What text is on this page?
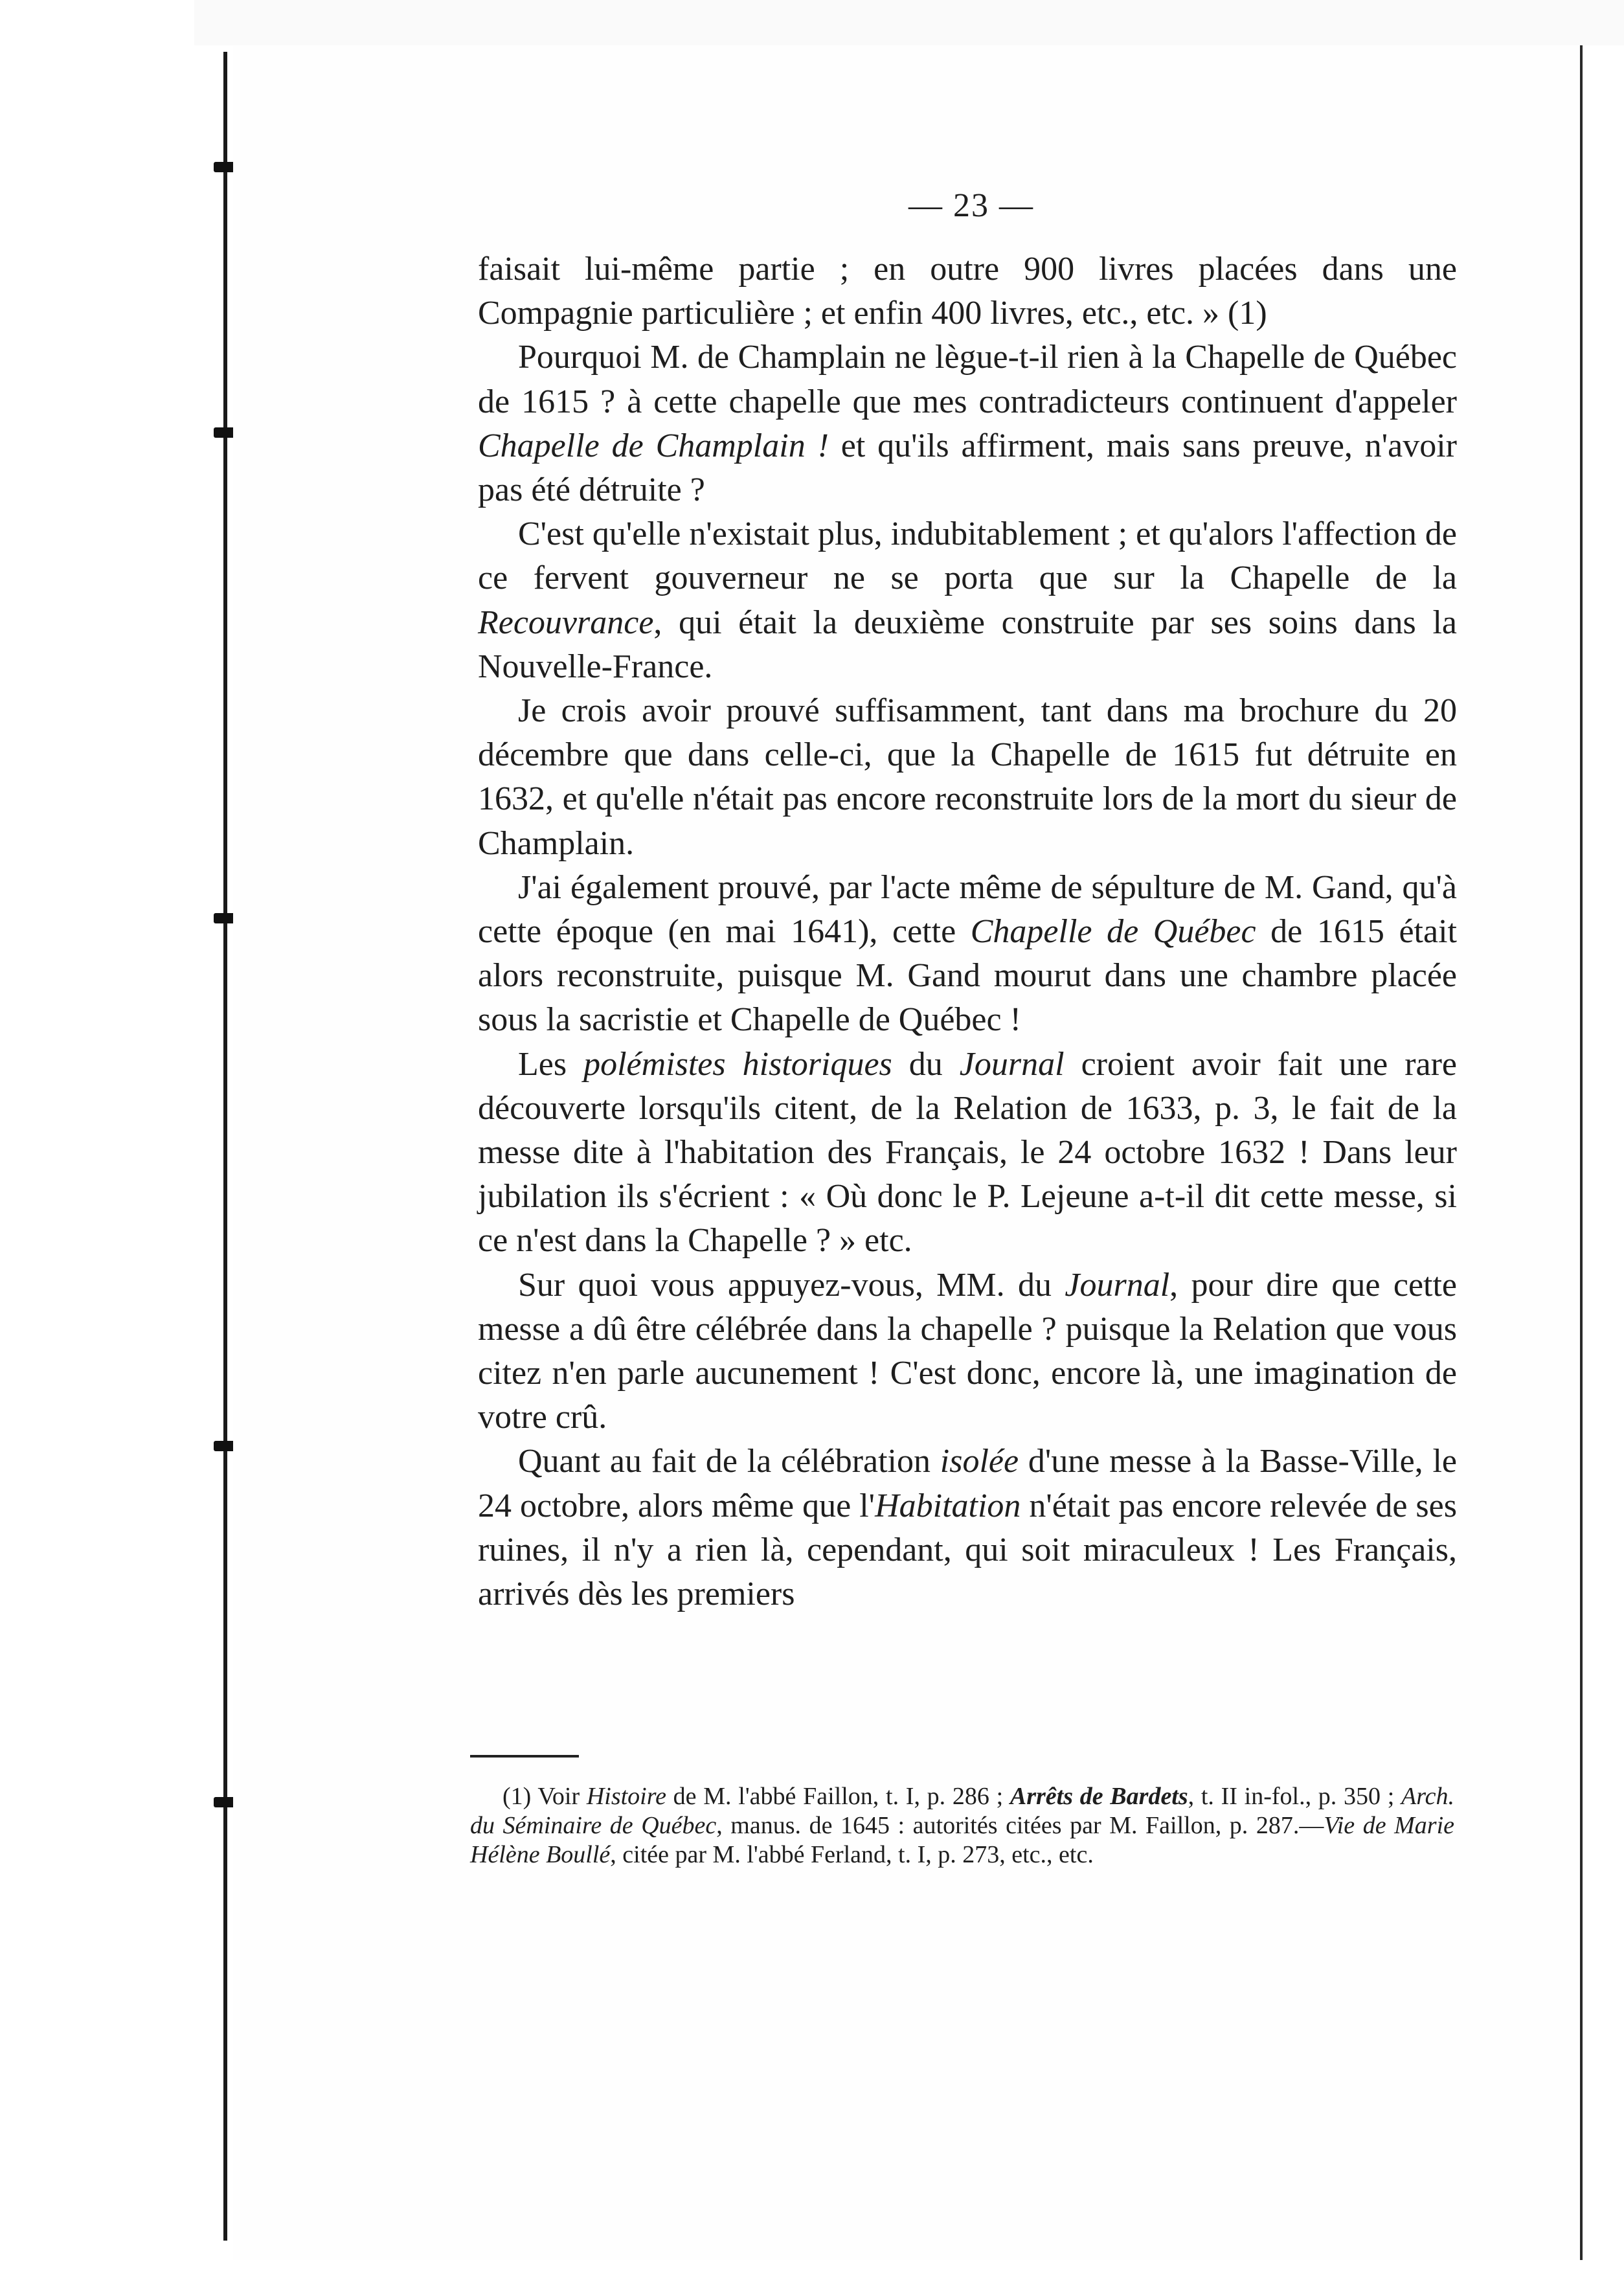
— 23 —

faisait lui-même partie ; en outre 900 livres placées dans une Compagnie particulière ; et enfin 400 livres, etc., etc. » (1)

Pourquoi M. de Champlain ne lègue-t-il rien à la Chapelle de Québec de 1615 ? à cette chapelle que mes contradicteurs continuent d'appeler Chapelle de Champlain ! et qu'ils affirment, mais sans preuve, n'avoir pas été détruite ?

C'est qu'elle n'existait plus, indubitablement ; et qu'alors l'affection de ce fervent gouverneur ne se porta que sur la Chapelle de la Recouvrance, qui était la deuxième construite par ses soins dans la Nouvelle-France.

Je crois avoir prouvé suffisamment, tant dans ma brochure du 20 décembre que dans celle-ci, que la Chapelle de 1615 fut détruite en 1632, et qu'elle n'était pas encore reconstruite lors de la mort du sieur de Champlain.

J'ai également prouvé, par l'acte même de sépulture de M. Gand, qu'à cette époque (en mai 1641), cette Chapelle de Québec de 1615 était alors reconstruite, puisque M. Gand mourut dans une chambre placée sous la sacristie et Chapelle de Québec !

Les polémistes historiques du Journal croient avoir fait une rare découverte lorsqu'ils citent, de la Relation de 1633, p. 3, le fait de la messe dite à l'habitation des Français, le 24 octobre 1632 ! Dans leur jubilation ils s'écrient : « Où donc le P. Lejeune a-t-il dit cette messe, si ce n'est dans la Chapelle ? » etc.

Sur quoi vous appuyez-vous, MM. du Journal, pour dire que cette messe a dû être célébrée dans la chapelle ? puisque la Relation que vous citez n'en parle aucunement ! C'est donc, encore là, une imagination de votre crû.

Quant au fait de la célébration isolée d'une messe à la Basse-Ville, le 24 octobre, alors même que l'Habitation n'était pas encore relevée de ses ruines, il n'y a rien là, cependant, qui soit miraculeux ! Les Français, arrivés dès les premiers

(1) Voir Histoire de M. l'abbé Faillon, t. I, p. 286 ; Arrêts de Bardets, t. II in-fol., p. 350 ; Arch. du Séminaire de Québec, manus. de 1645 : autorités citées par M. Faillon, p. 287.—Vie de Marie Hélène Boullé, citée par M. l'abbé Ferland, t. I, p. 273, etc., etc.
